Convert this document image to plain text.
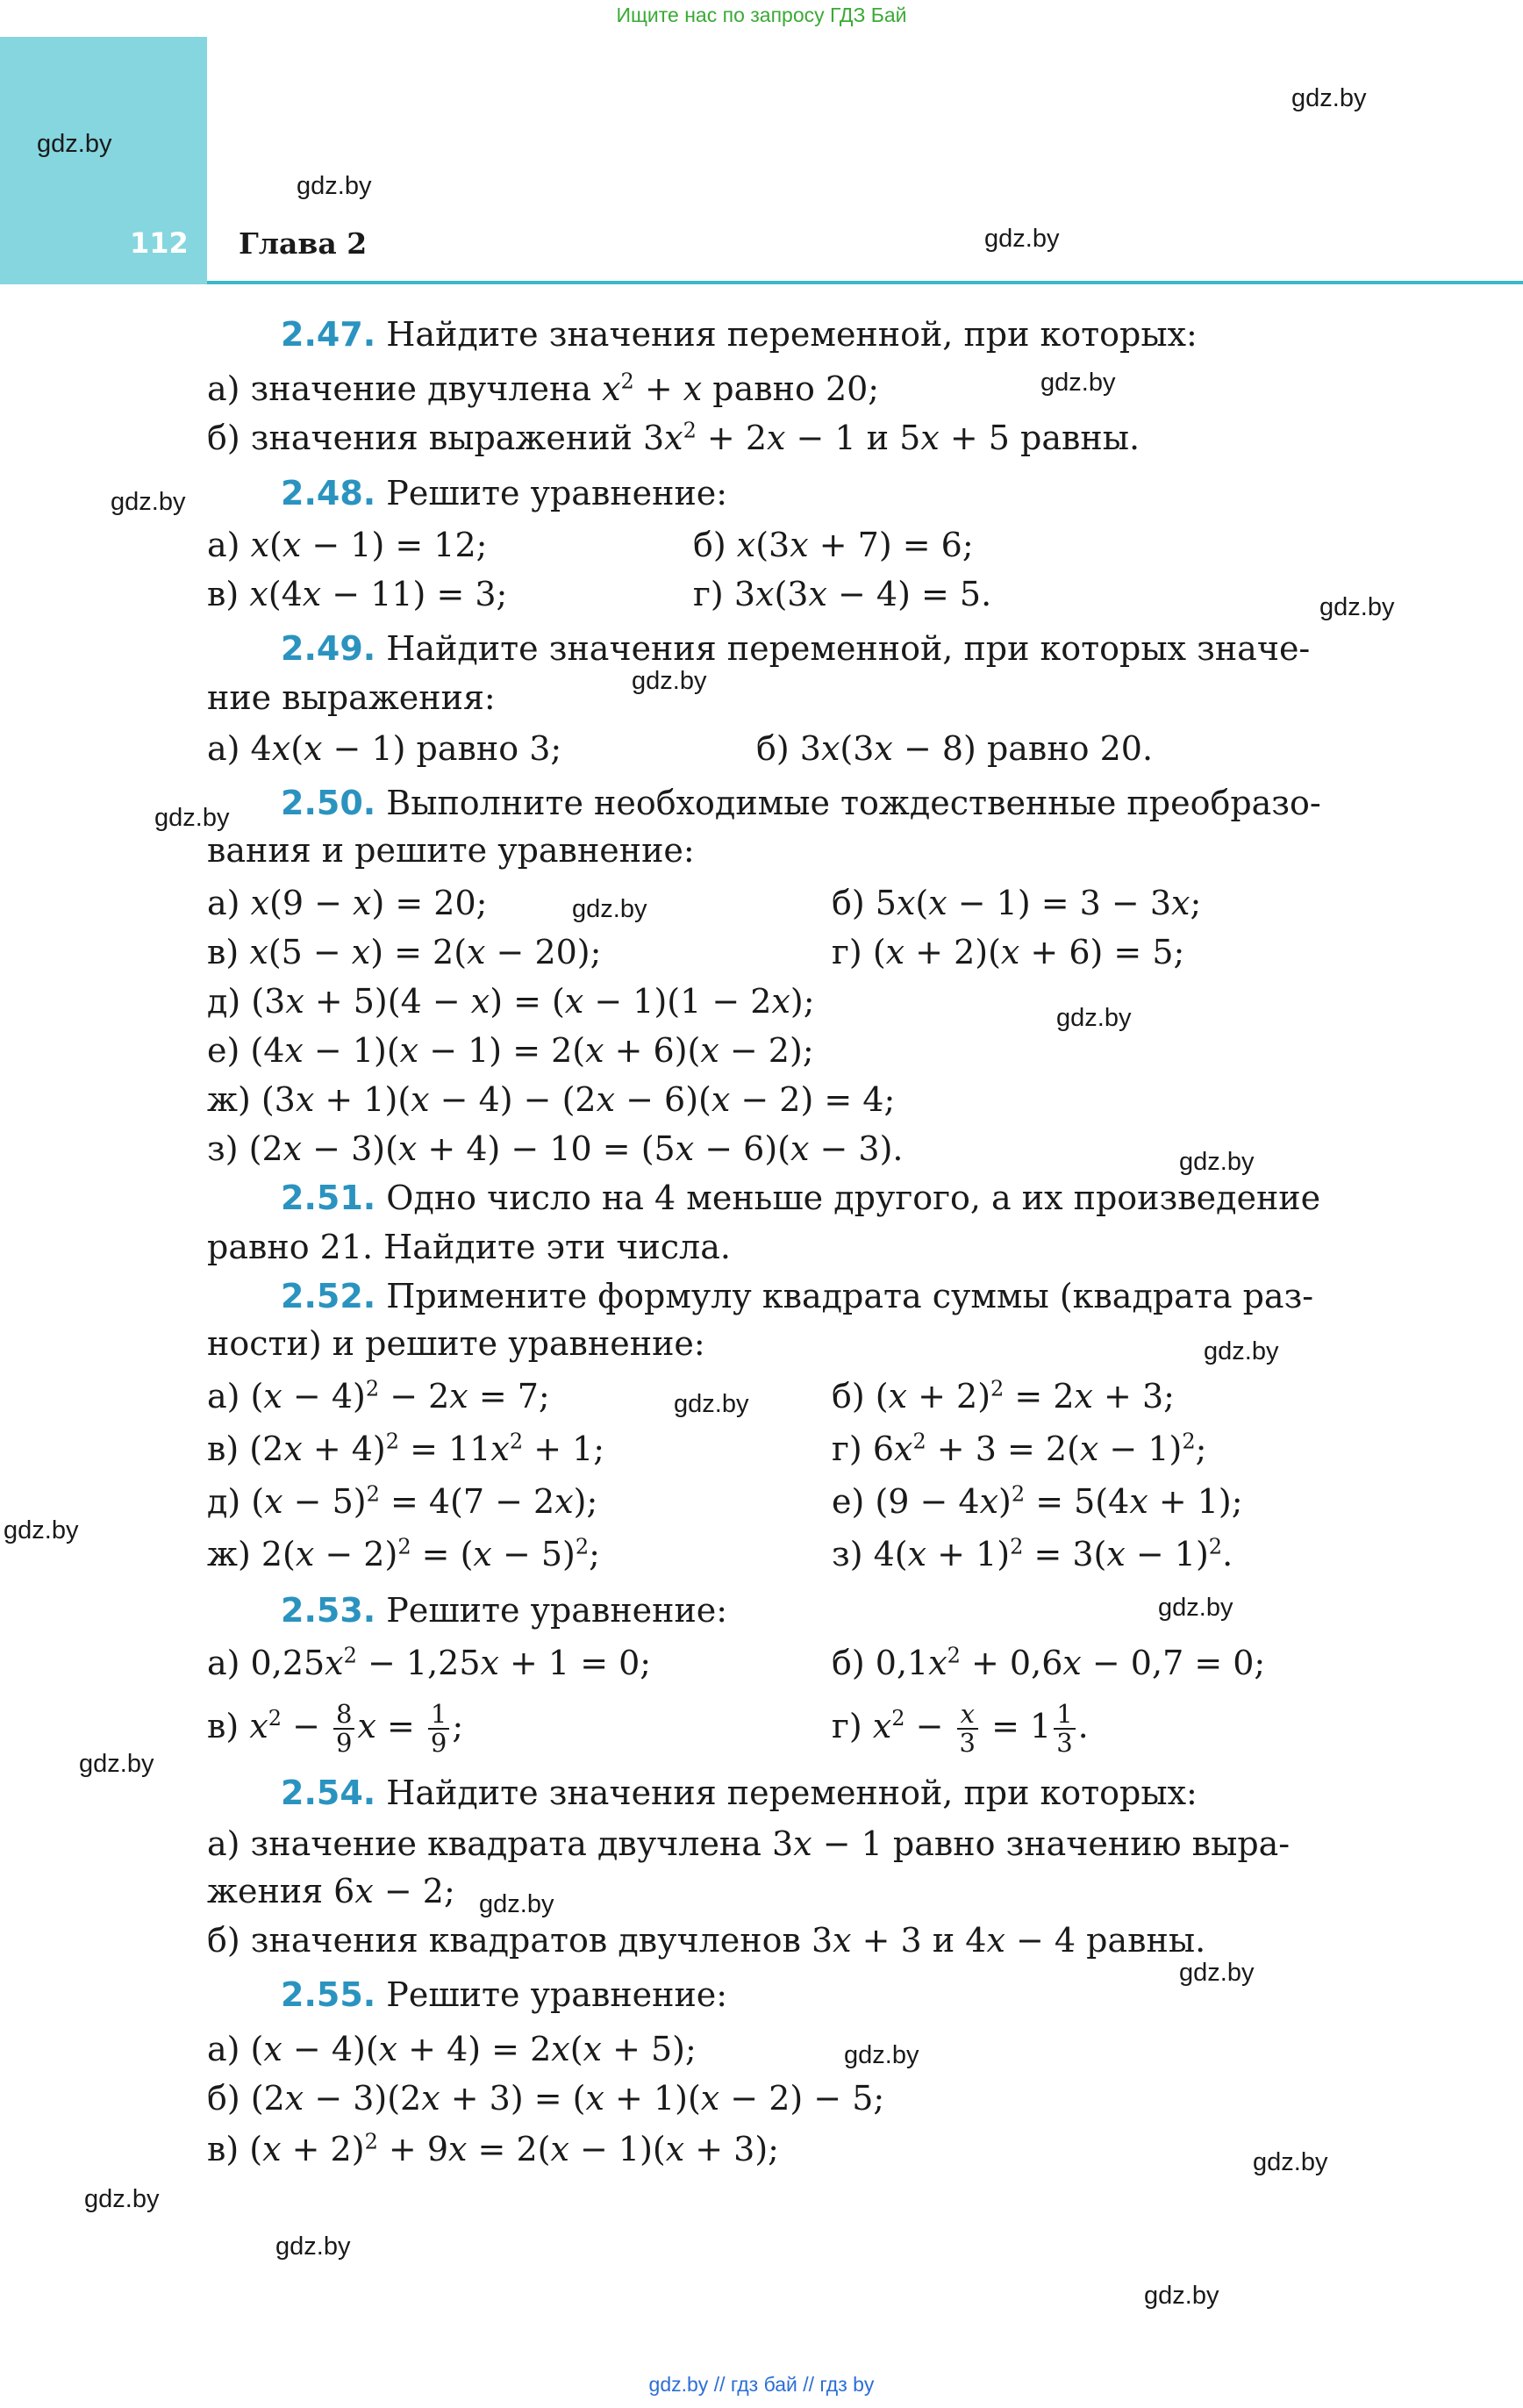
Ищите нас по запросу ГДЗ Бай
112 Глава 2
2.47. Найдите значения переменной, при которых:
а) значение двучлена $x^2 + x$ равно 20;
б) значения выражений $3x^2 + 2x - 1$ и 5x + 5 равны.
2.48. Решите уравнение:
а) x(x − 1) = 12;	б) x(3x + 7) = 6;
в) x(4x − 11) = 3;	г) 3x(3x − 4) = 5.
2.49. Найдите значения переменной, при которых значе-
ние выражения:
а) 4x(x − 1) равно 3;	б) 3x(3x − 8) равно 20.
2.50. Выполните необходимые тождественные преобразо-
вания и решите уравнение:
а) x(9 − x) = 20;	б) 5x(x − 1) = 3 − 3x;
в) x(5 − x) = 2(x − 20);	г) (x + 2)(x + 6) = 5;
д) (3x + 5)(4 − x) = (x − 1)(1 − 2x);
е) (4x − 1)(x − 1) = 2(x + 6)(x − 2);
ж) (3x + 1)(x − 4) − (2x − 6)(x − 2) = 4;
з) (2x − 3)(x + 4) − 10 = (5x − 6)(x − 3).
2.51. Одно число на 4 меньше другого, а их произведение
равно 21. Найдите эти числа.
2.52. Примените формулу квадрата суммы (квадрата раз-
ности) и решите уравнение:
а) $(x - 4)^2 - 2x = 7$;	б) $(x + 2)^2 = 2x + 3$;
в) $(2x + 4)^2 = 11x^2 + 1$;	г) $6x^2 + 3 = 2(x - 1)^2$;
д) $(x - 5)^2 = 4(7 - 2x)$;	е) $(9 - 4x)^2 = 5(4x + 1)$;
ж) $2(x - 2)^2 = (x - 5)^2$;	з) $4(x + 1)^2 = 3(x - 1)^2$.
2.53. Решите уравнение:
а) $0,25x^2 - 1,25x + 1 = 0$;	б) $0,1x^2 + 0,6x - 0,7 = 0$;
в) $x^2 - \frac{8}{9}$ $x = \frac{1}{9}$ ;	г) $x^2 - \frac{x}{3} = 1 \frac{1}{3}$ .
2.54. Найдите значения переменной, при которых:
а) значение квадрата двучлена 3x − 1 равно значению выра-
жения 6x − 2;
б) значения квадратов двучленов 3x + 3 и 4x − 4 равны.
2.55. Решите уравнение:
а) (x − 4)(x + 4) = 2x(x + 5);
б) (2x − 3)(2x + 3) = (x + 1)(x − 2) − 5;
в) $(x + 2)^2 + 9x = 2(x - 1)(x + 3)$;
gdz.by
gdz.by
gdz.by
gdz.by
gdz.by
gdz.by
gdz.by
gdz.by
gdz.by
gdz.by
gdz.by
gdz.by
gdz.by
gdz.by
gdz.by
gdz.by
gdz.by
gdz.by
gdz.by
gdz.by
gdz.by
gdz.by
gdz.by
gdz.by
gdz.by // гдз бай // гдз by
